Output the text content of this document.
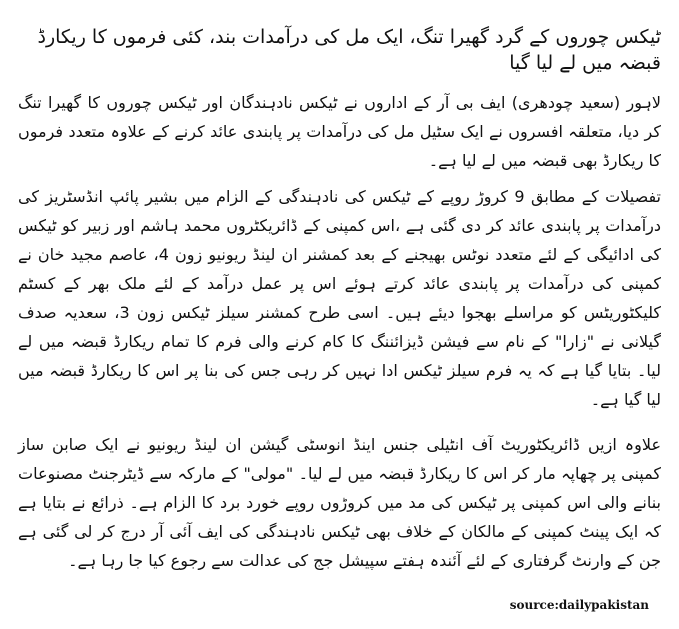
ٹیکس چوروں کے گرد گھیرا تنگ، ایک مل کی درآمدات بند، کئی فرموں کا ریکارڈ قبضہ میں لے لیا گیا

لاہور (سعید چودھری) ایف بی آر کے اداروں نے ٹیکس نادہندگان اور ٹیکس چوروں کا گھیرا تنگ کر دیا، متعلقہ افسروں نے ایک سٹیل مل کی درآمدات پر پابندی عائد کرنے کے علاوہ متعدد فرموں کا ریکارڈ بھی قبضہ میں لے لیا ہے۔

تفصیلات کے مطابق 9 کروڑ روپے کے ٹیکس کی نادہندگی کے الزام میں بشیر پائپ انڈسٹریز کی درآمدات پر پابندی عائد کر دی گئی ہے ،اس کمپنی کے ڈائریکٹروں محمد ہاشم اور زبیر کو ٹیکس کی ادائیگی کے لئے متعدد نوٹس بھیجنے کے بعد کمشنر ان لینڈ ریونیو زون 4، عاصم مجید خان نے کمپنی کی درآمدات پر پابندی عائد کرتے ہوئے اس پر عمل درآمد کے لئے ملک بھر کے کسٹم کلیکٹوریٹس کو مراسلے بھجوا دیئے ہیں۔ اسی طرح کمشنر سیلز ٹیکس زون 3، سعدیہ صدف گیلانی نے "زارا" کے نام سے فیشن ڈیزائننگ کا کام کرنے والی فرم کا تمام ریکارڈ قبضہ میں لے لیا۔ بتایا گیا ہے کہ یہ فرم سیلز ٹیکس ادا نہیں کر رہی جس کی بنا پر اس کا ریکارڈ قبضہ میں لیا گیا ہے۔

علاوہ ازیں ڈائریکٹوریٹ آف انٹیلی جنس اینڈ انوسٹی گیشن ان لینڈ ریونیو نے ایک صابن ساز کمپنی پر چھاپہ مار کر اس کا ریکارڈ قبضہ میں لے لیا۔ "مولی" کے مارکہ سے ڈیٹرجنٹ مصنوعات بنانے والی اس کمپنی پر ٹیکس کی مد میں کروڑوں روپے خورد برد کا الزام ہے۔ ذرائع نے بتایا ہے کہ ایک پینٹ کمپنی کے مالکان کے خلاف بھی ٹیکس نادہندگی کی ایف آئی آر درج کر لی گئی ہے جن کے وارنٹ گرفتاری کے لئے آئندہ ہفتے سپیشل جج کی عدالت سے رجوع کیا جا رہا ہے۔

source:dailypakistan
